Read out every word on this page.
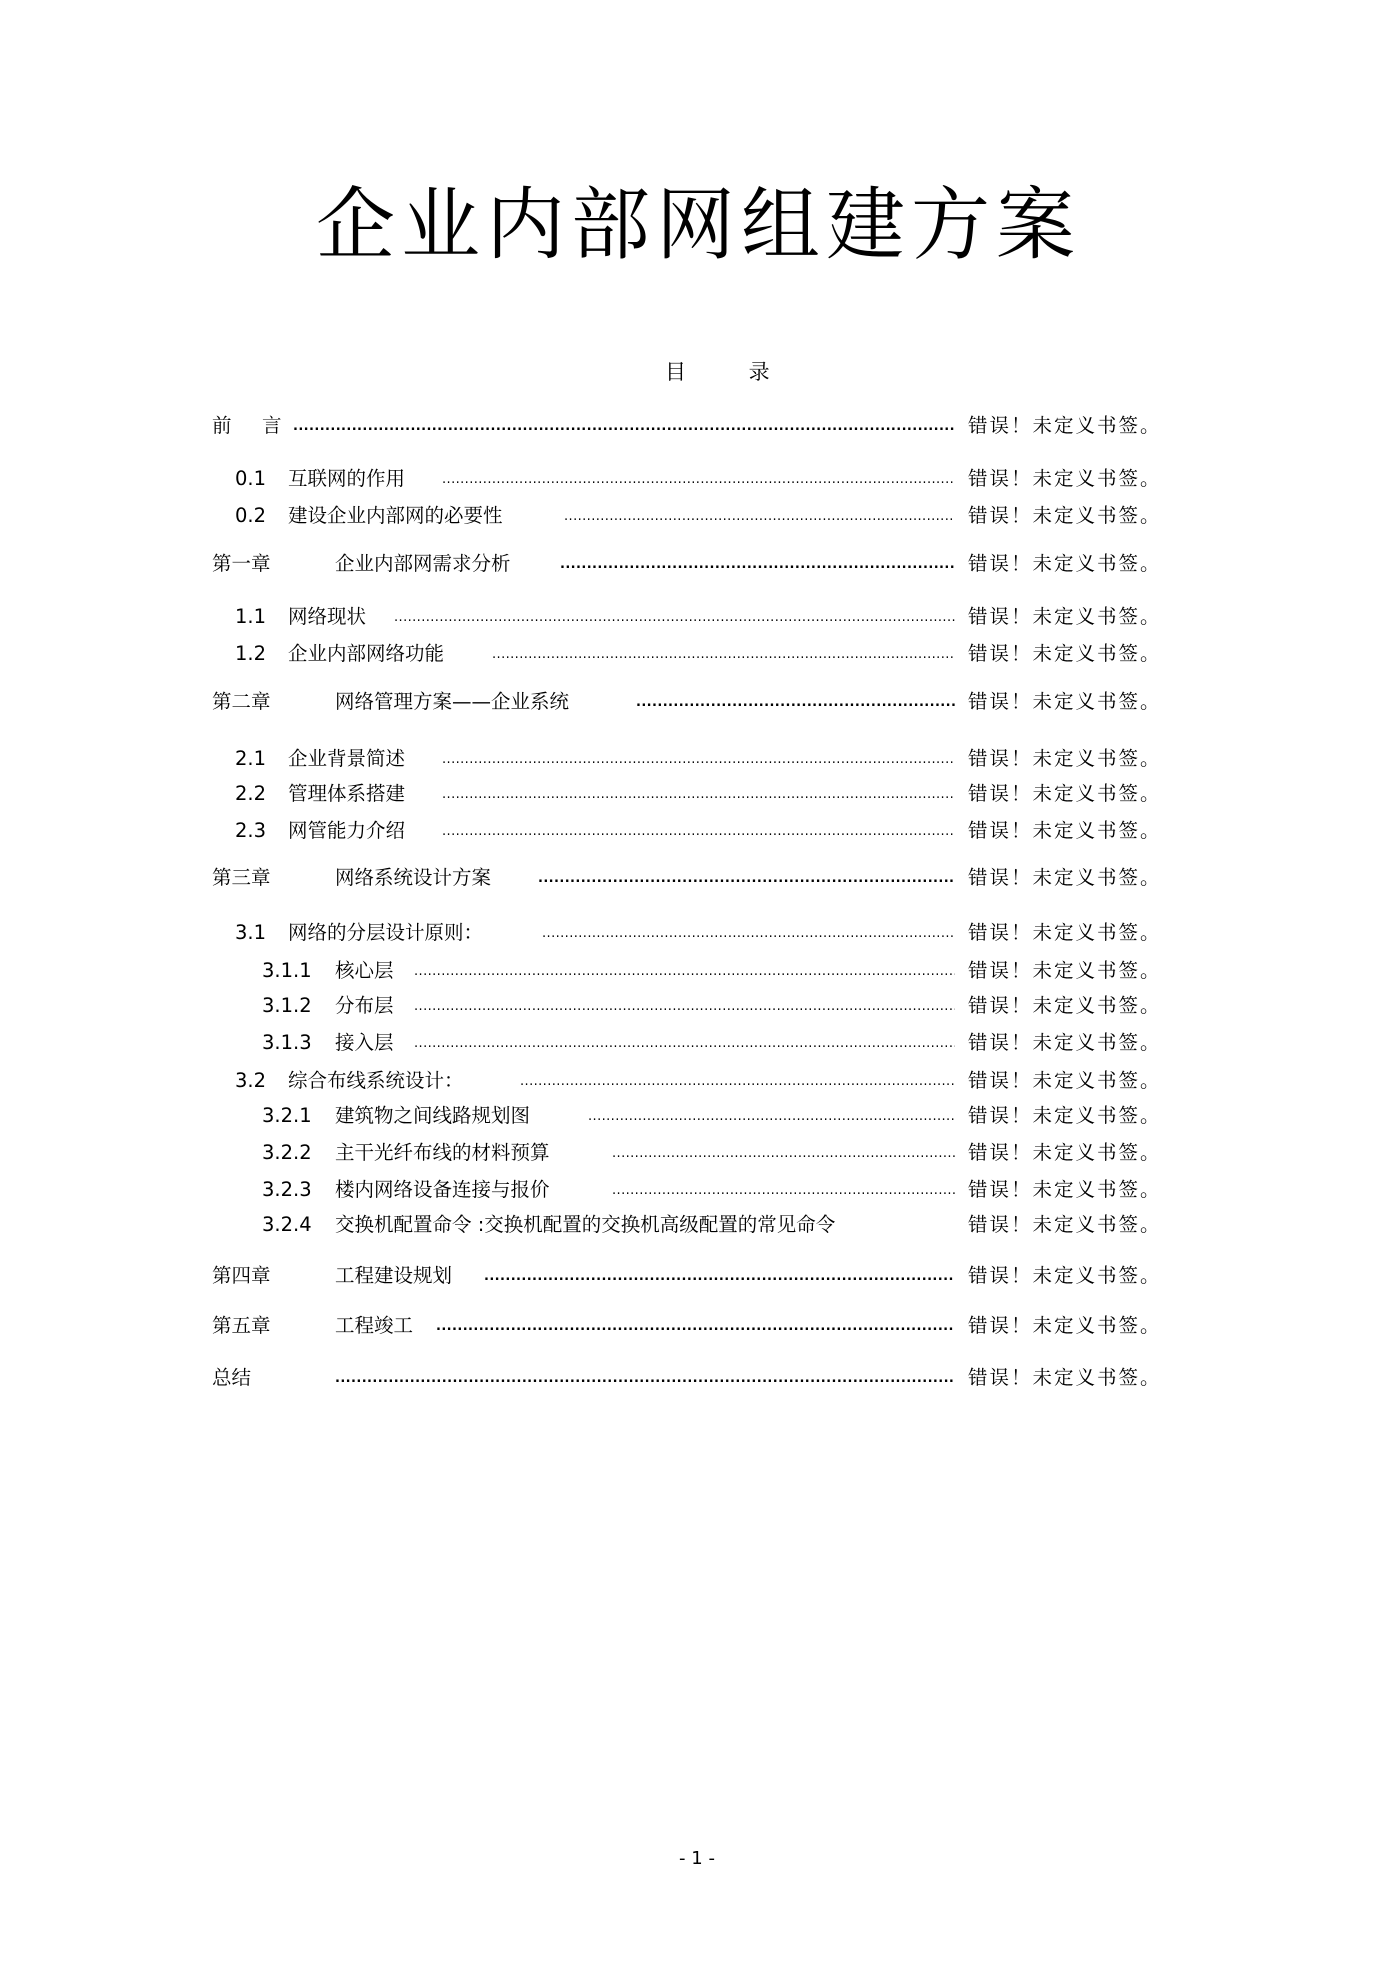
企业内部网组建方案
目 录
前 言 .....	错误！未定义书签。
0.1 互联网的作用 .....	错误！未定义书签。
0.2 建设企业内部网的必要性 .....	错误！未定义书签。
第一章	企业内部网需求分析 .....	错误！未定义书签。
1.1 网络现状 .....	错误！未定义书签。
1.2 企业内部网络功能 .....	错误！未定义书签。
第二章	网络管理方案——企业系统 .....	错误！未定义书签。
2.1 企业背景简述 .....	错误！未定义书签。
2.2 管理体系搭建 .....	错误！未定义书签。
2.3 网管能力介绍 .....	错误！未定义书签。
第三章	网络系统设计方案 .....	错误！未定义书签。
3.1 网络的分层设计原则： .....	错误！未定义书签。
3.1.1 核心层 .....	错误！未定义书签。
3.1.2 分布层 .....	错误！未定义书签。
3.1.3 接入层 .....	错误！未定义书签。
3.2 综合布线系统设计： .....	错误！未定义书签。
3.2.1 建筑物之间线路规划图 .....	错误！未定义书签。
3.2.2 主干光纤布线的材料预算 .....	错误！未定义书签。
3.2.3 楼内网络设备连接与报价 .....	错误！未定义书签。
3.2.4 交换机配置命令 :交换机配置的交换机高级配置的常见命令	错误！未定义书签。
第四章	工程建设规划 .....	错误！未定义书签。
第五章	工程竣工 .....	错误！未定义书签。
总结 .....	错误！未定义书签。
- 1 -
